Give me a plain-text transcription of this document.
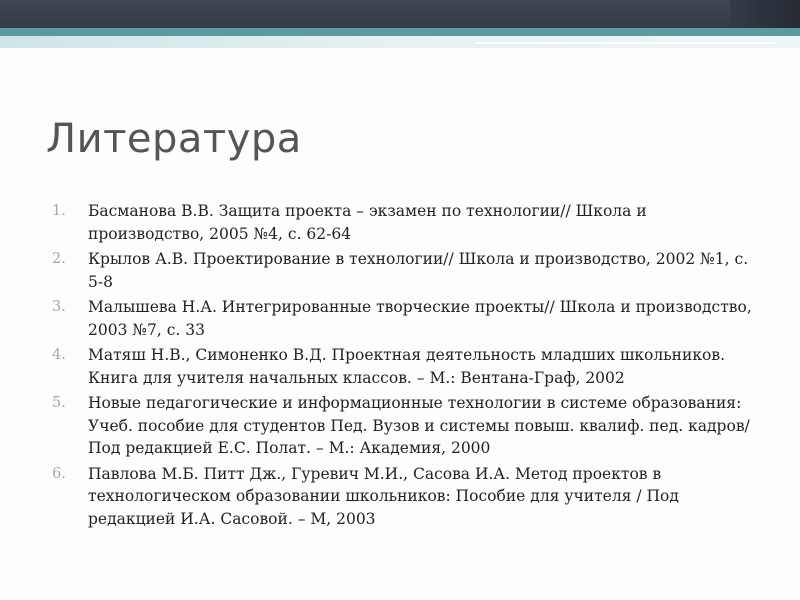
Литература
1. Басманова В.В. Защита проекта – экзамен по технологии// Школа и производство, 2005 №4, с. 62-64
2. Крылов А.В. Проектирование в технологии// Школа и производство, 2002 №1, с. 5-8
3. Малышева Н.А. Интегрированные творческие проекты// Школа и производство, 2003 №7, с. 33
4. Матяш Н.В., Симоненко В.Д. Проектная деятельность младших школьников. Книга для учителя начальных классов. – М.: Вентана-Граф, 2002
5. Новые педагогические и информационные технологии в системе образования: Учеб. пособие для студентов Пед. Вузов и системы повыш. квалиф. пед. кадров/ Под редакцией Е.С. Полат. – М.: Академия, 2000
6. Павлова М.Б. Питт Дж., Гуревич М.И., Сасова И.А. Метод проектов в технологическом образовании школьников: Пособие для учителя / Под редакцией И.А. Сасовой. – М, 2003
